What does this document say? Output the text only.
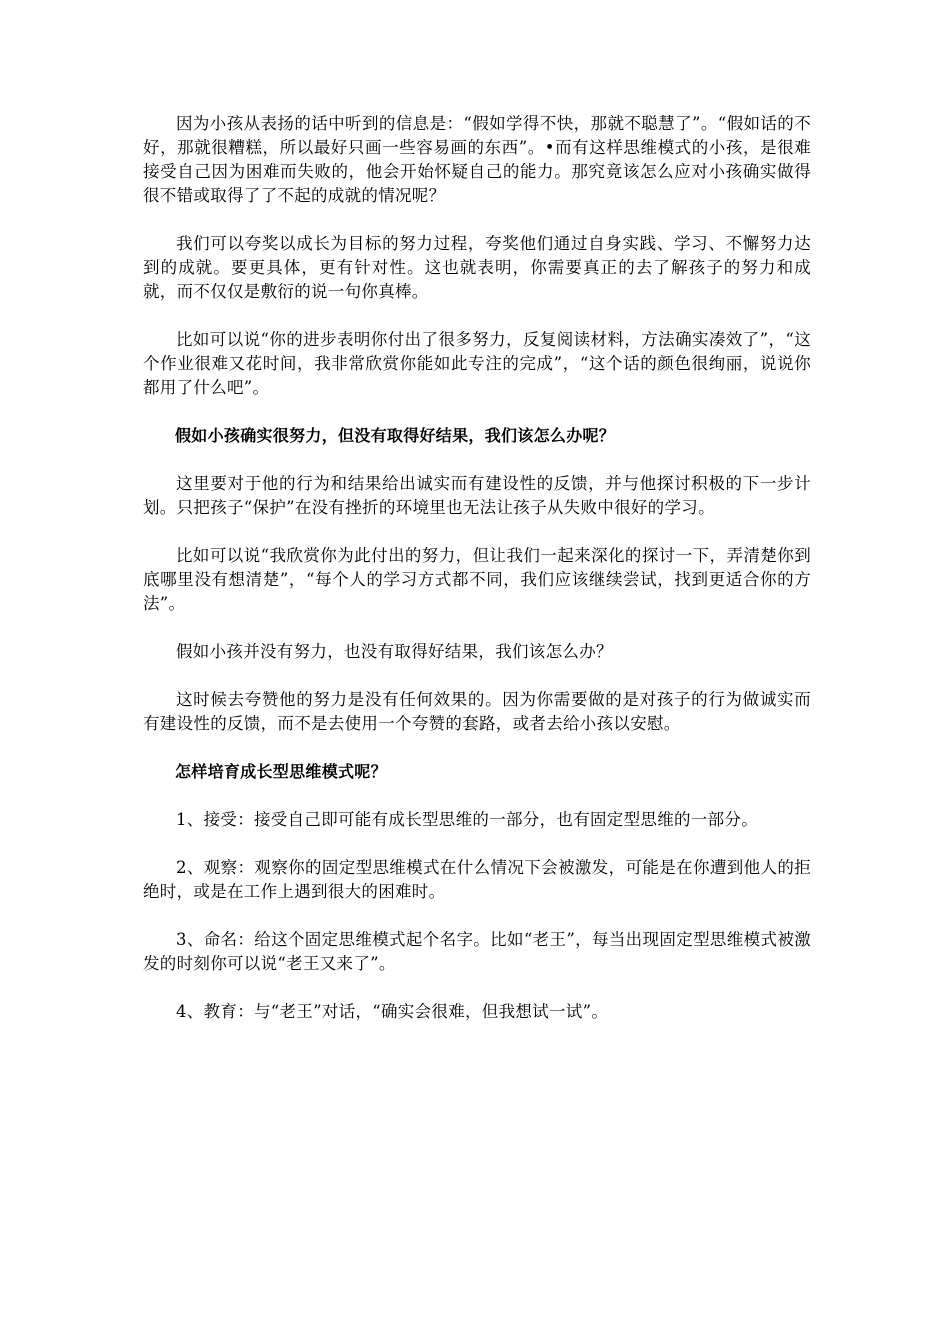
因为小孩从表扬的话中听到的信息是：“假如学得不快，那就不聪慧了”。“假如话的不好，那就很糟糕，所以最好只画一些容易画的东西”。•而有这样思维模式的小孩，是很难接受自己因为困难而失败的，他会开始怀疑自己的能力。那究竟该怎么应对小孩确实做得很不错或取得了了不起的成就的情况呢？

我们可以夸奖以成长为目标的努力过程，夸奖他们通过自身实践、学习、不懈努力达到的成就。要更具体，更有针对性。这也就表明，你需要真正的去了解孩子的努力和成就，而不仅仅是敷衍的说一句你真棒。

比如可以说“你的进步表明你付出了很多努力，反复阅读材料，方法确实凑效了”，“这个作业很难又花时间，我非常欣赏你能如此专注的完成”，“这个话的颜色很绚丽，说说你都用了什么吧”。

假如小孩确实很努力，但没有取得好结果，我们该怎么办呢？

这里要对于他的行为和结果给出诚实而有建设性的反馈，并与他探讨积极的下一步计划。只把孩子“保护”在没有挫折的环境里也无法让孩子从失败中很好的学习。

比如可以说“我欣赏你为此付出的努力，但让我们一起来深化的探讨一下，弄清楚你到底哪里没有想清楚”，“每个人的学习方式都不同，我们应该继续尝试，找到更适合你的方法”。

假如小孩并没有努力，也没有取得好结果，我们该怎么办？

这时候去夸赞他的努力是没有任何效果的。因为你需要做的是对孩子的行为做诚实而有建设性的反馈，而不是去使用一个夸赞的套路，或者去给小孩以安慰。

怎样培育成长型思维模式呢？

1、接受：接受自己即可能有成长型思维的一部分，也有固定型思维的一部分。

2、观察：观察你的固定型思维模式在什么情况下会被激发，可能是在你遭到他人的拒绝时，或是在工作上遇到很大的困难时。

3、命名：给这个固定思维模式起个名字。比如“老王”，每当出现固定型思维模式被激发的时刻你可以说“老王又来了”。

4、教育：与“老王”对话，“确实会很难，但我想试一试”。
